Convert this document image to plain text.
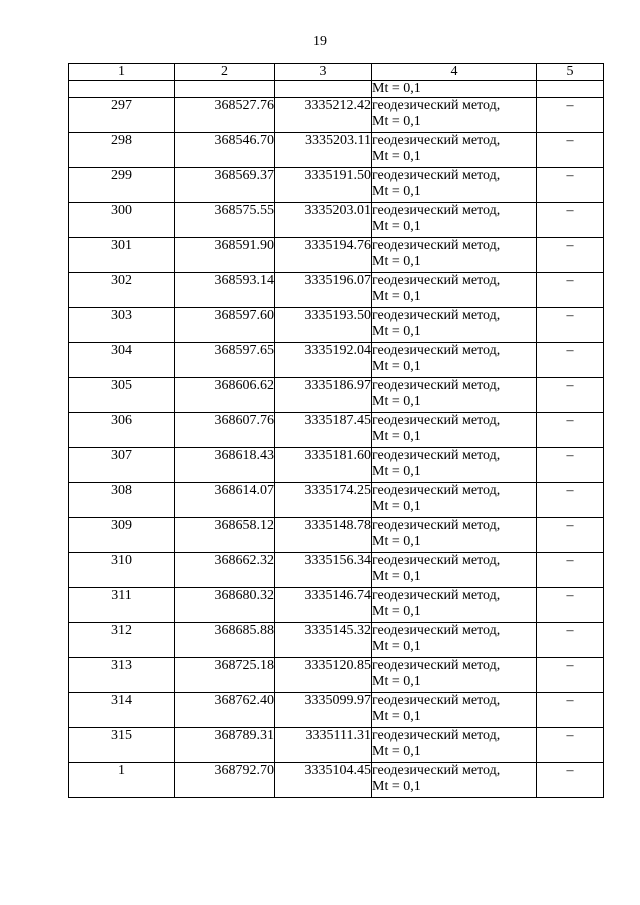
19
1	2	3	4	5
			Mt = 0,1	
297	368527.76	3335212.42	геодезический метод,
Mt = 0,1	–
298	368546.70	3335203.11	геодезический метод,
Mt = 0,1	–
299	368569.37	3335191.50	геодезический метод,
Mt = 0,1	–
300	368575.55	3335203.01	геодезический метод,
Mt = 0,1	–
301	368591.90	3335194.76	геодезический метод,
Mt = 0,1	–
302	368593.14	3335196.07	геодезический метод,
Mt = 0,1	–
303	368597.60	3335193.50	геодезический метод,
Mt = 0,1	–
304	368597.65	3335192.04	геодезический метод,
Mt = 0,1	–
305	368606.62	3335186.97	геодезический метод,
Mt = 0,1	–
306	368607.76	3335187.45	геодезический метод,
Mt = 0,1	–
307	368618.43	3335181.60	геодезический метод,
Mt = 0,1	–
308	368614.07	3335174.25	геодезический метод,
Mt = 0,1	–
309	368658.12	3335148.78	геодезический метод,
Mt = 0,1	–
310	368662.32	3335156.34	геодезический метод,
Mt = 0,1	–
311	368680.32	3335146.74	геодезический метод,
Mt = 0,1	–
312	368685.88	3335145.32	геодезический метод,
Mt = 0,1	–
313	368725.18	3335120.85	геодезический метод,
Mt = 0,1	–
314	368762.40	3335099.97	геодезический метод,
Mt = 0,1	–
315	368789.31	3335111.31	геодезический метод,
Mt = 0,1	–
1	368792.70	3335104.45	геодезический метод,
Mt = 0,1	–
